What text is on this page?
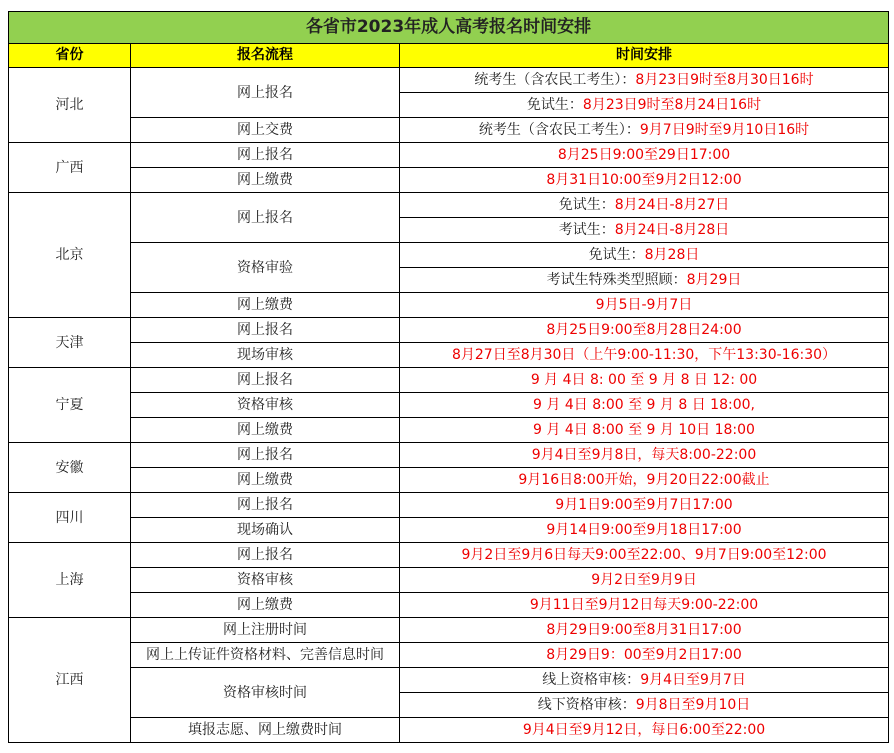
各省市2023年成人高考报名时间安排		
省份	报名流程	时间安排
河北	网上报名	统考生（含农民工考生）：8月23日9时至8月30日16时
		免试生：8月23日9时至8月24日16时
	网上交费	统考生（含农民工考生）：9月7日9时至9月10日16时
广西	网上报名	8月25日9:00至29日17:00
	网上缴费	8月31日10:00至9月2日12:00
北京	网上报名	免试生：8月24日-8月27日
		考试生：8月24日-8月28日
	资格审验	免试生：8月28日
		考试生特殊类型照顾：8月29日
	网上缴费	9月5日-9月7日
天津	网上报名	8月25日9:00至8月28日24:00
	现场审核	8月27日至8月30日（上午9:00-11:30，下午13:30-16:30）
宁夏	网上报名	9 月 4日 8: 00 至 9 月 8 日 12: 00
	资格审核	9 月 4日 8:00 至 9 月 8 日 18:00,
	网上缴费	9 月 4日 8:00 至 9 月 10日 18:00
安徽	网上报名	9月4日至9月8日，每天8:00-22:00
	网上缴费	9月16日8:00开始，9月20日22:00截止
四川	网上报名	9月1日9:00至9月7日17:00
	现场确认	9月14日9:00至9月18日17:00
上海	网上报名	9月2日至9月6日每天9:00至22:00、9月7日9:00至12:00
	资格审核	9月2日至9月9日
	网上缴费	9月11日至9月12日每天9:00-22:00
江西	网上注册时间	8月29日9:00至8月31日17:00
	网上上传证件资格材料、完善信息时间	8月29日9：00至9月2日17:00
	资格审核时间	线上资格审核：9月4日至9月7日
		线下资格审核：9月8日至9月10日
	填报志愿、网上缴费时间	9月4日至9月12日，每日6:00至22:00
